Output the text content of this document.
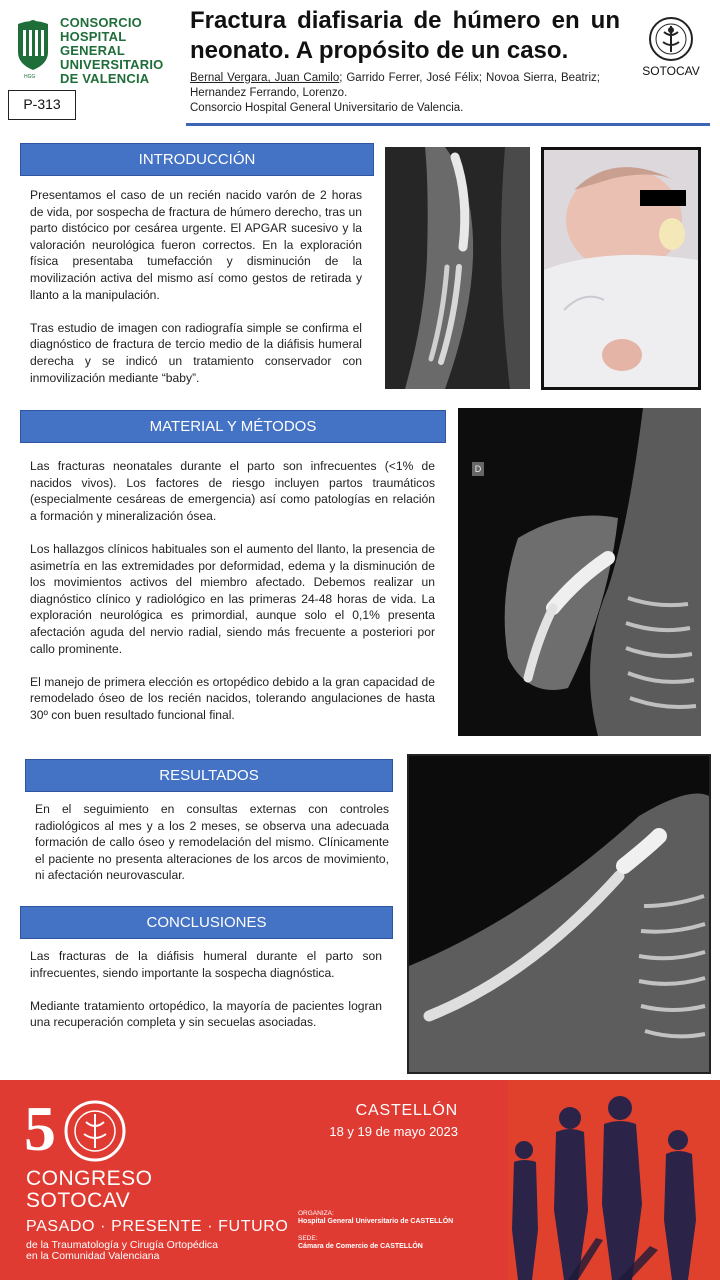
CONSORCIO
HOSPITAL GENERAL
UNIVERSITARIO
DE VALENCIA
HGG
P-313
Fractura diafisaria de húmero en un neonato. A propósito de un caso.
Bernal Vergara, Juan Camilo; Garrido Ferrer, José Félix; Novoa Sierra, Beatriz; Hernandez Ferrando, Lorenzo.
Consorcio Hospital General Universitario de Valencia.
SOTOCAV
INTRODUCCIÓN

Presentamos el caso de un recién nacido varón de 2 horas de vida, por sospecha de fractura de húmero derecho, tras un parto distócico por cesárea urgente. El APGAR sucesivo y la valoración neurológica fueron correctos. En la exploración física presentaba tumefacción y disminución de la movilización activa del mismo así como gestos de retirada y llanto a la manipulación.

Tras estudio de imagen con radiografía simple se confirma el diagnóstico de fractura de tercio medio de la diáfisis humeral derecha y se indicó un tratamiento conservador con inmovilización mediante “baby”.

MATERIAL Y MÉTODOS

Las fracturas neonatales durante el parto son infrecuentes (<1% de nacidos vivos). Los factores de riesgo incluyen partos traumáticos (especialmente cesáreas de emergencia) así como patologías en relación a formación y mineralización ósea.

Los hallazgos clínicos habituales son el aumento del llanto, la presencia de asimetría en las extremidades por deformidad, edema y la disminución de los movimientos activos del miembro afectado. Debemos realizar un diagnóstico clínico y radiológico en las primeras 24-48 horas de vida. La exploración neurológica es primordial, aunque solo el 0,1% presenta afectación aguda del nervio radial, siendo más frecuente a posteriori por callo prominente.

El manejo de primera elección es ortopédico debido a la gran capacidad de remodelado óseo de los recién nacidos, tolerando angulaciones de hasta 30º con buen resultado funcional final.

D
RESULTADOS

En el seguimiento en consultas externas con controles radiológicos al mes y a los 2 meses, se observa una adecuada formación de callo óseo y remodelación del mismo. Clínicamente el paciente no presenta alteraciones de los arcos de movimiento, ni afectación neurovascular.

CONCLUSIONES

Las fracturas de la diáfisis humeral durante el parto son infrecuentes, siendo importante la sospecha diagnóstica.

Mediante tratamiento ortopédico, la mayoría de pacientes logran una recuperación completa y sin secuelas asociadas.

5
CONGRESO
SOTOCAV
PASADO · PRESENTE · FUTURO
de la Traumatología y Cirugía Ortopédica
en la Comunidad Valenciana
CASTELLÓN
18 y 19 de mayo 2023
ORGANIZA:
Hospital General Universitario de CASTELLÓN
SEDE:
Cámara de Comercio de CASTELLÓN
